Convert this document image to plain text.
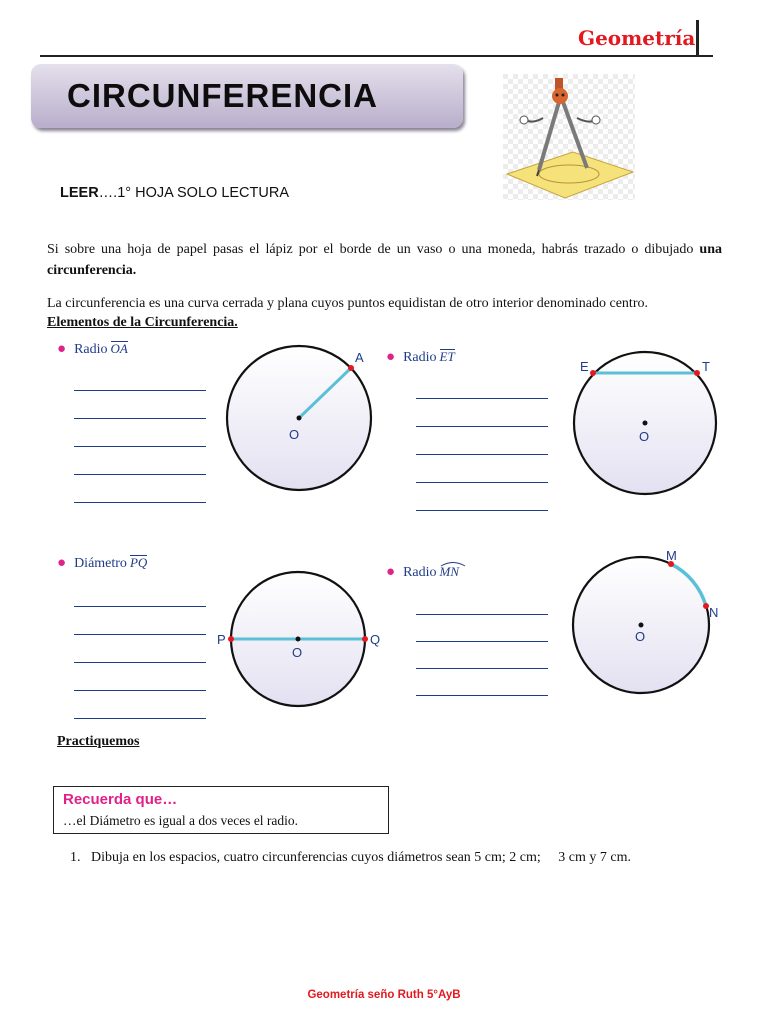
Geometría
CIRCUNFERENCIA
LEER….1° HOJA SOLO LECTURA
Si sobre una hoja de papel pasas el lápiz por el borde de un vaso o una moneda, habrás trazado o dibujado una circunferencia.
La circunferencia es una curva cerrada y plana cuyos puntos equidistan de otro interior denominado centro.
Elementos de la Circunferencia.
● Radio OA
● Radio ET
● Diámetro PQ
● Radio MN
A
O
E	T
O
P
O
Q
M
N
O
Practiquemos
Recuerda que…
…el Diámetro es igual a dos veces el radio.
1. Dibuja en los espacios, cuatro circunferencias cuyos diámetros sean 5 cm; 2 cm;     3 cm y 7 cm.
Geometría seño Ruth 5°AyB
